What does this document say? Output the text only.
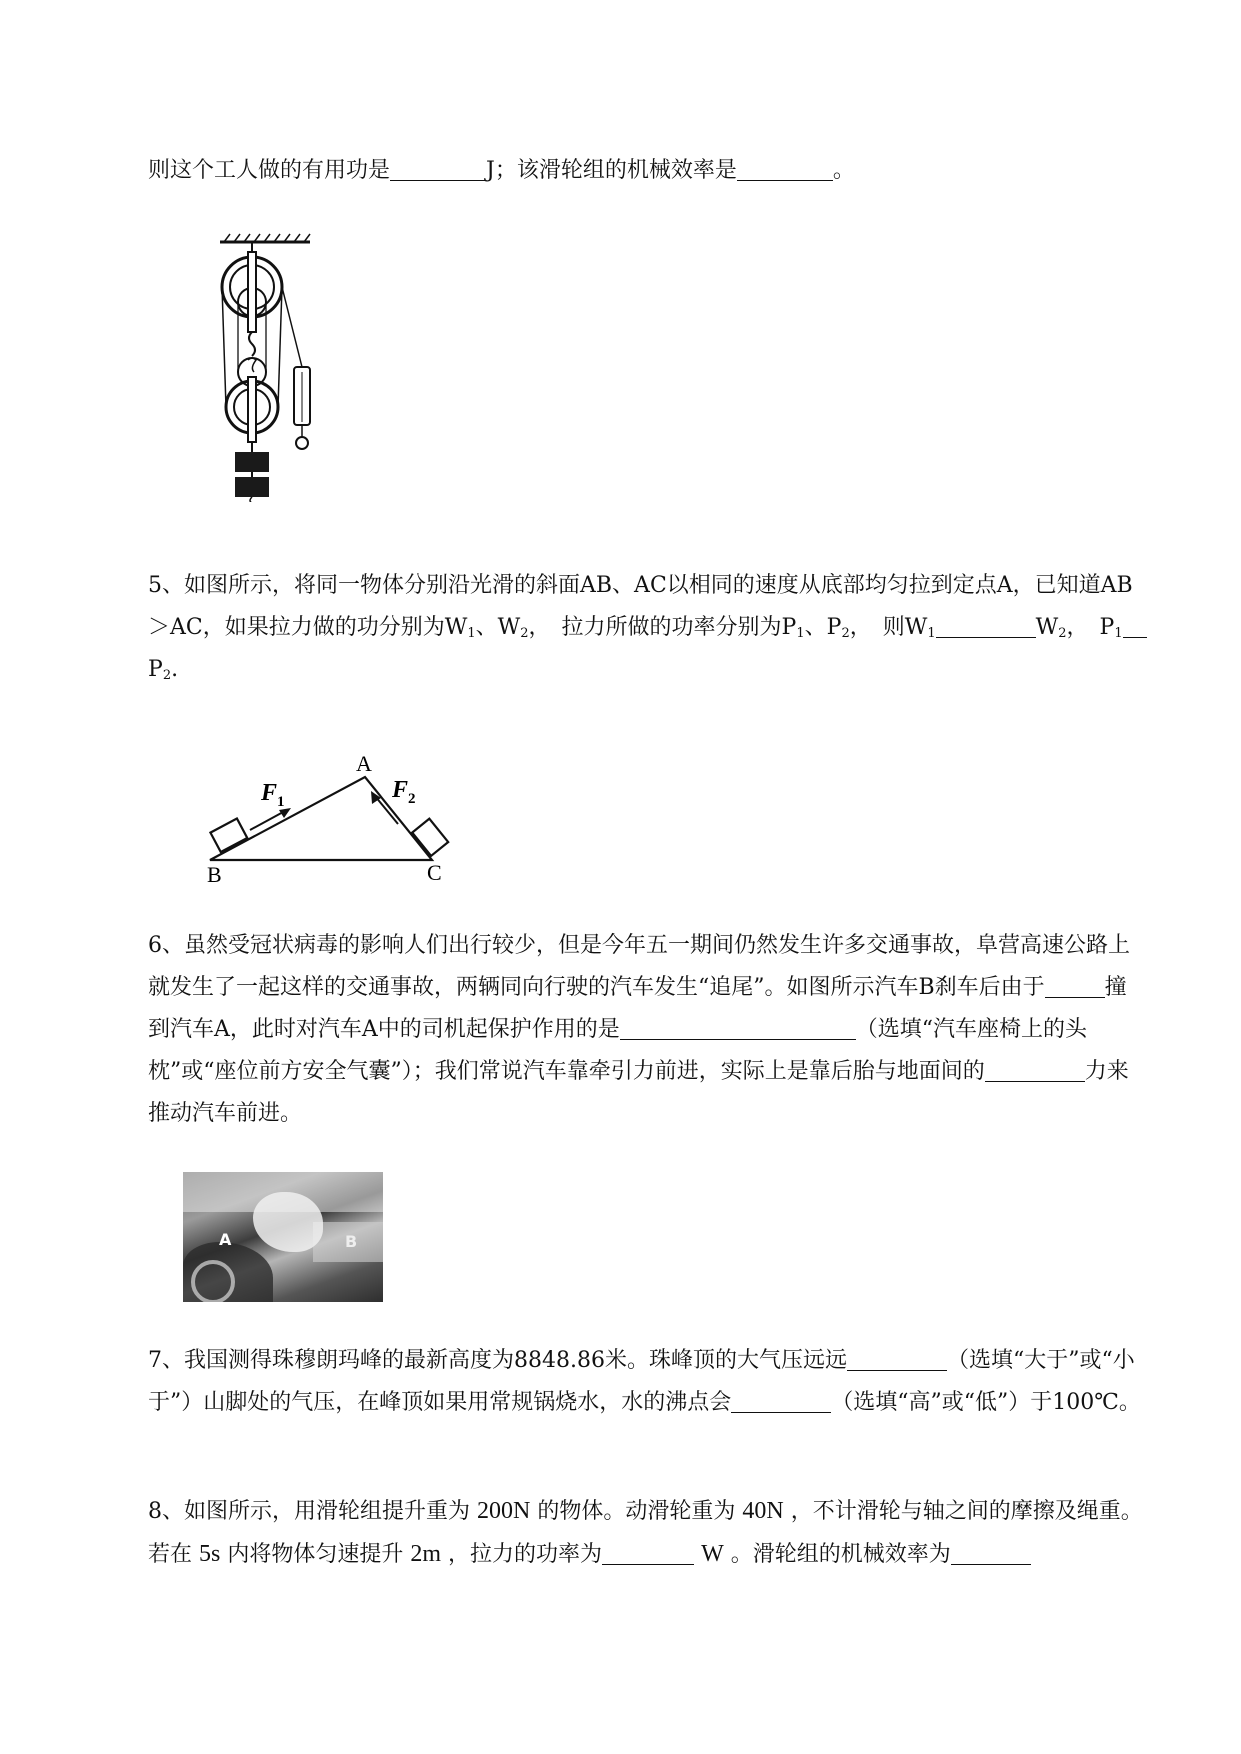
则这个工人做的有用功是	J；该滑轮组的机械效率是	。

5、如图所示，将同一物体分别沿光滑的斜面AB、AC以相同的速度从底部均匀拉到定点A，已知道AB＞AC，如果拉力做的功分别为$W_1$、$W_2$，　拉力所做的功率分别为$P_1$、$P_2$，　则$W_1$	$W_2$，　$P_1P_2$.

A
B	C
$F_1$	$F_2$

6、虽然受冠状病毒的影响人们出行较少，但是今年五一期间仍然发生许多交通事故，阜营高速公路上就发生了一起这样的交通事故，两辆同向行驶的汽车发生“追尾”。如图所示汽车B刹车后由于	撞到汽车A，此时对汽车A中的司机起保护作用的是	（选填“汽车座椅上的头枕”或“座位前方安全气囊”）；我们常说汽车靠牵引力前进，实际上是靠后胎与地面间的	力来推动汽车前进。

A	B

7、我国测得珠穆朗玛峰的最新高度为8848.86米。珠峰顶的大气压远远	（选填“大于”或“小于”）山脚处的气压，在峰顶如果用常规锅烧水，水的沸点会	（选填“高”或“低”）于100℃。

8、如图所示，用滑轮组提升重为 200N 的物体。动滑轮重为 40N ，不计滑轮与轴之间的摩擦及绳重。若在 5s 内将物体匀速提升 2m ，拉力的功率为	W 。滑轮组的机械效率为
